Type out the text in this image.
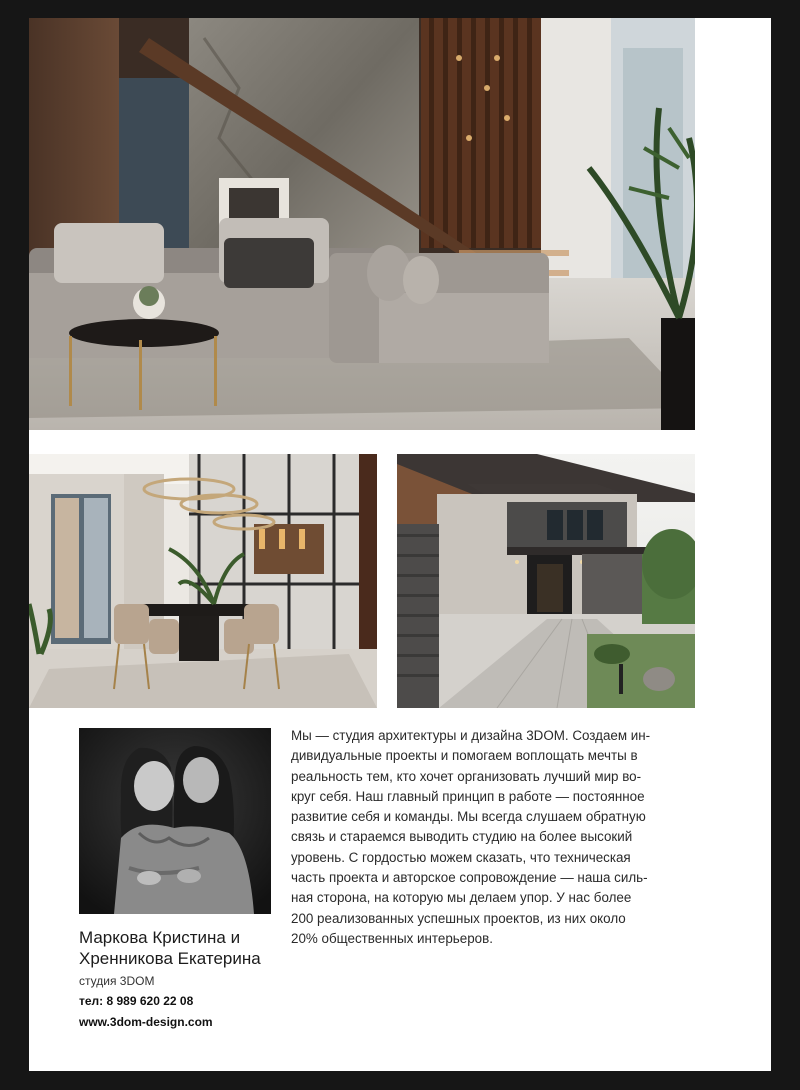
Маркова Кристина и
Хренникова Екатерина
студия 3DOM
тел: 8 989 620 22 08
www.3dom-design.com
Мы — студия архитектуры и дизайна 3DOM. Создаем ин-
дивидуальные проекты и помогаем воплощать мечты в
реальность тем, кто хочет организовать лучший мир во-
круг себя. Наш главный принцип в работе — постоянное
развитие себя и команды. Мы всегда слушаем обратную
связь и стараемся выводить студию на более высокий
уровень. С гордостью можем сказать, что техническая
часть проекта и авторское сопровождение — наша силь-
ная сторона, на которую мы делаем упор. У нас более
200 реализованных успешных проектов, из них около
20% общественных интерьеров.
